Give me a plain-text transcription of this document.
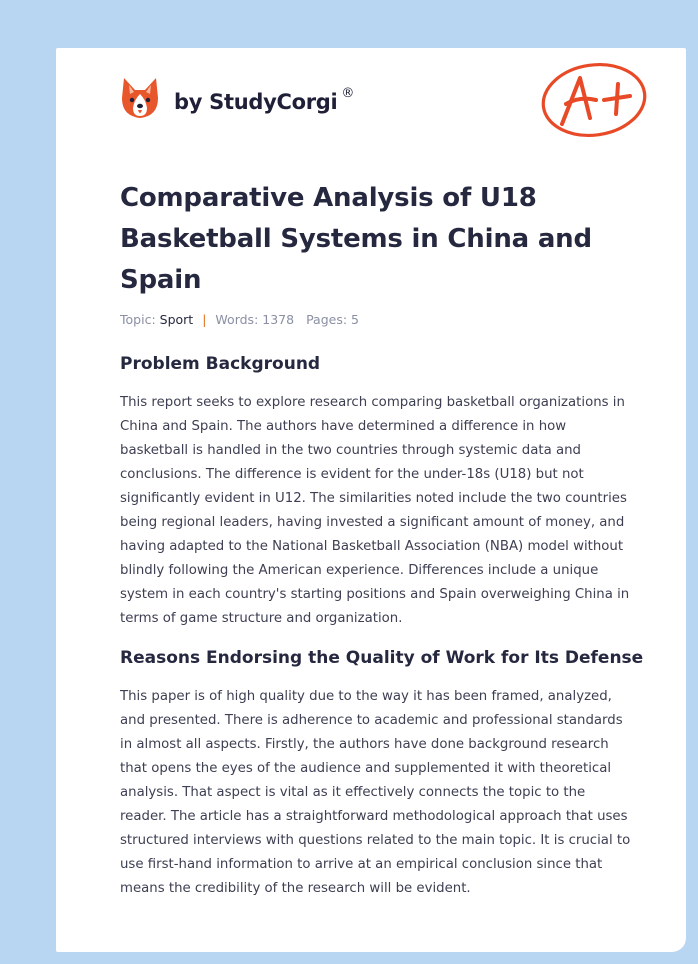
by StudyCorgi ®
Comparative Analysis of U18 Basketball Systems in China and Spain
Topic: Sport | Words: 1378 Pages: 5
Problem Background

This report seeks to explore research comparing basketball organizations in China and Spain. The authors have determined a difference in how basketball is handled in the two countries through systemic data and conclusions. The difference is evident for the under-18s (U18) but not significantly evident in U12. The similarities noted include the two countries being regional leaders, having invested a significant amount of money, and having adapted to the National Basketball Association (NBA) model without blindly following the American experience. Differences include a unique system in each country's starting positions and Spain overweighing China in terms of game structure and organization.

Reasons Endorsing the Quality of Work for Its Defense

This paper is of high quality due to the way it has been framed, analyzed, and presented. There is adherence to academic and professional standards in almost all aspects. Firstly, the authors have done background research that opens the eyes of the audience and supplemented it with theoretical analysis. That aspect is vital as it effectively connects the topic to the reader. The article has a straightforward methodological approach that uses structured interviews with questions related to the main topic. It is crucial to use first-hand information to arrive at an empirical conclusion since that means the credibility of the research will be evident.
